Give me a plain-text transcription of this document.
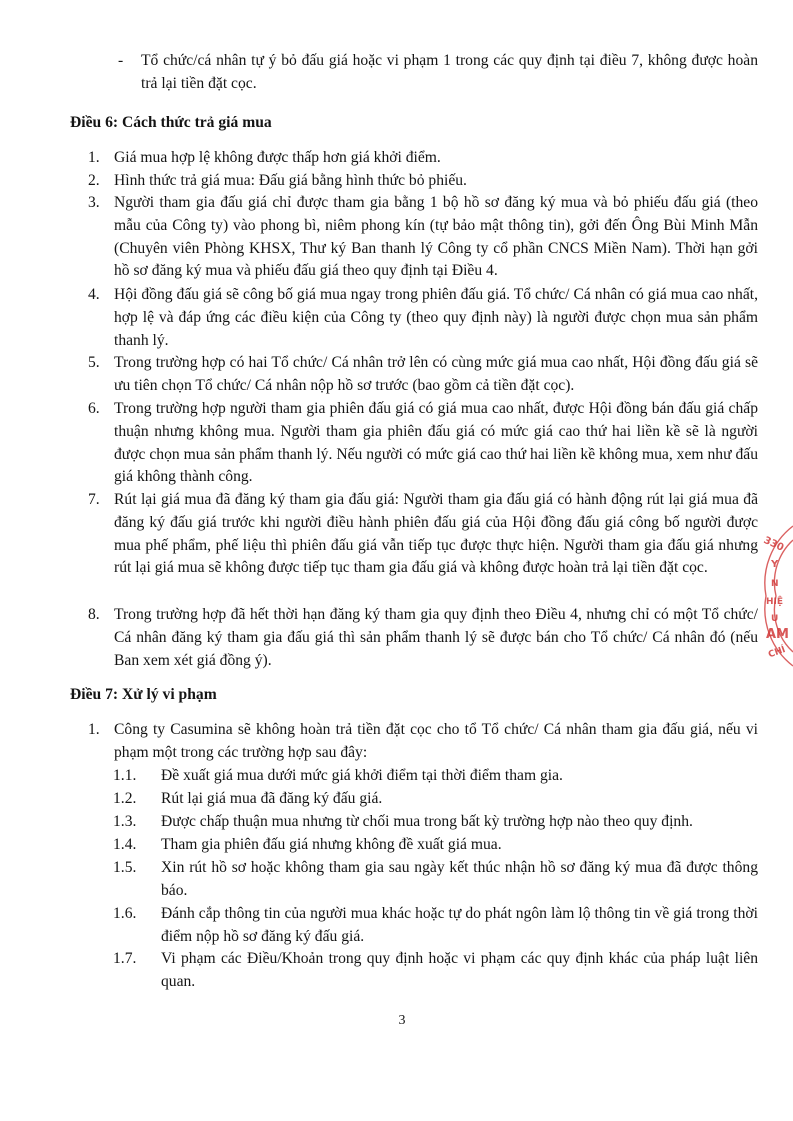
- Tổ chức/cá nhân tự ý bỏ đấu giá hoặc vi phạm 1 trong các quy định tại điều 7, không được hoàn trả lại tiền đặt cọc.
Điều 6: Cách thức trả giá mua
1. Giá mua hợp lệ không được thấp hơn giá khởi điểm.
2. Hình thức trả giá mua: Đấu giá bằng hình thức bỏ phiếu.
3. Người tham gia đấu giá chỉ được tham gia bằng 1 bộ hồ sơ đăng ký mua và bỏ phiếu đấu giá (theo mẫu của Công ty) vào phong bì, niêm phong kín (tự bảo mật thông tin), gởi đến Ông Bùi Minh Mẫn (Chuyên viên Phòng KHSX, Thư ký Ban thanh lý Công ty cổ phần CNCS Miền Nam). Thời hạn gởi hồ sơ đăng ký mua và phiếu đấu giá theo quy định tại Điều 4.
4. Hội đồng đấu giá sẽ công bố giá mua ngay trong phiên đấu giá. Tổ chức/ Cá nhân có giá mua cao nhất, hợp lệ và đáp ứng các điều kiện của Công ty (theo quy định này) là người được chọn mua sản phẩm thanh lý.
5. Trong trường hợp có hai Tổ chức/ Cá nhân trở lên có cùng mức giá mua cao nhất, Hội đồng đấu giá sẽ ưu tiên chọn Tổ chức/ Cá nhân nộp hồ sơ trước (bao gồm cả tiền đặt cọc).
6. Trong trường hợp người tham gia phiên đấu giá có giá mua cao nhất, được Hội đồng bán đấu giá chấp thuận nhưng không mua. Người tham gia phiên đấu giá có mức giá cao thứ hai liền kề sẽ là người được chọn mua sản phẩm thanh lý. Nếu người có mức giá cao thứ hai liền kề không mua, xem như đấu giá không thành công.
7. Rút lại giá mua đã đăng ký tham gia đấu giá: Người tham gia đấu giá có hành động rút lại giá mua đã đăng ký đấu giá trước khi người điều hành phiên đấu giá của Hội đồng đấu giá công bố người được mua phế phẩm, phế liệu thì phiên đấu giá vẫn tiếp tục được thực hiện. Người tham gia đấu giá nhưng rút lại giá mua sẽ không được tiếp tục tham gia đấu giá và không được hoàn trả lại tiền đặt cọc.
8. Trong trường hợp đã hết thời hạn đăng ký tham gia quy định theo Điều 4, nhưng chỉ có một Tổ chức/ Cá nhân đăng ký tham gia đấu giá thì sản phẩm thanh lý sẽ được bán cho Tổ chức/ Cá nhân đó (nếu Ban xem xét giá đồng ý).
Điều 7: Xử lý vi phạm
1. Công ty Casumina sẽ không hoàn trả tiền đặt cọc cho tổ Tổ chức/ Cá nhân tham gia đấu giá, nếu vi phạm một trong các trường hợp sau đây:
1.1. Đề xuất giá mua dưới mức giá khởi điểm tại thời điểm tham gia.
1.2. Rút lại giá mua đã đăng ký đấu giá.
1.3. Được chấp thuận mua nhưng từ chối mua trong bất kỳ trường hợp nào theo quy định.
1.4. Tham gia phiên đấu giá nhưng không đề xuất giá mua.
1.5. Xin rút hồ sơ hoặc không tham gia sau ngày kết thúc nhận hồ sơ đăng ký mua đã được thông báo.
1.6. Đánh cắp thông tin của người mua khác hoặc tự do phát ngôn làm lộ thông tin về giá trong thời điểm nộp hồ sơ đăng ký đấu giá.
1.7. Vi phạm các Điều/Khoản trong quy định hoặc vi phạm các quy định khác của pháp luật liên quan.
3
330
Y
N
HIỆ
U
AM
CHÍ
